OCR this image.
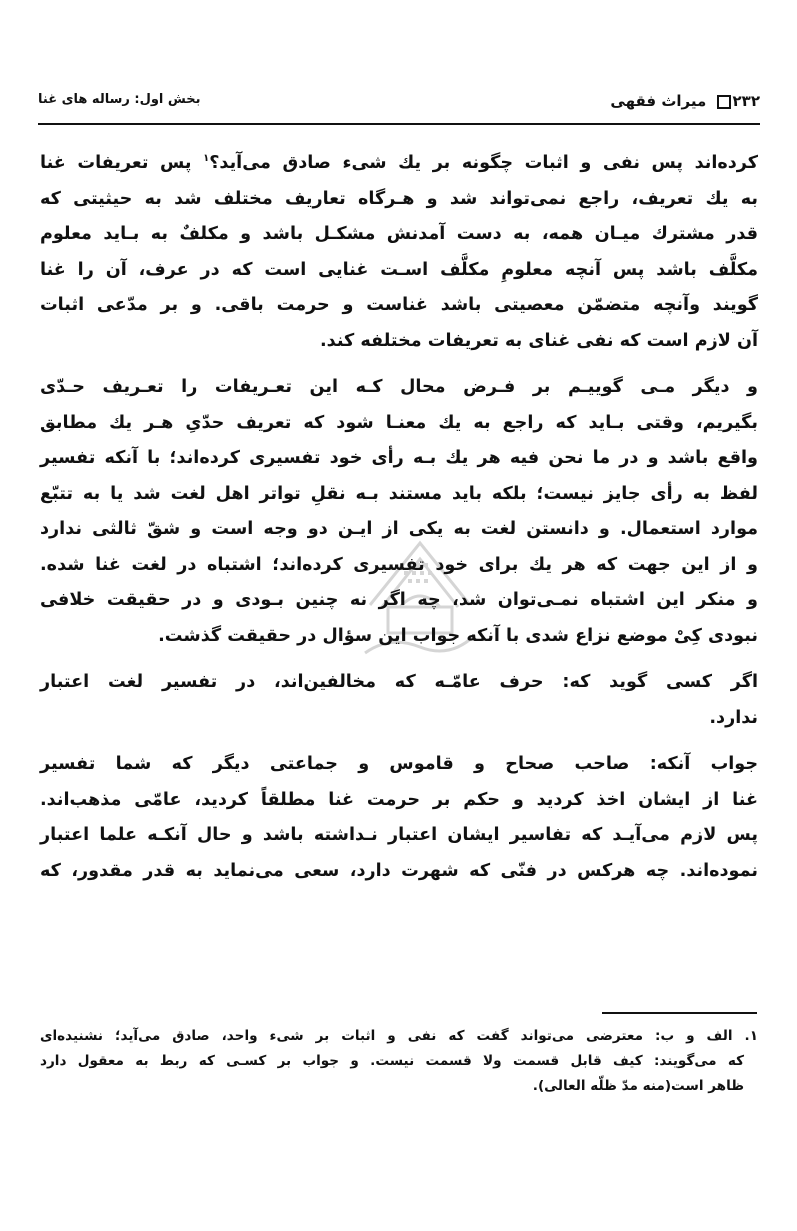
۲۳۲ میراث فقهی
بخش اول: رساله های غنا
کرده‌اند پس نفی و اثبات چگونه بر یك شیء صادق می‌آید؟$^۱$ پس تعریفات غنا
به یك تعریف، راجع نمی‌تواند شد و هـرگاه تعاریف مختلف شد به حیثیتی که
قدر مشترك میـان همه، به دست آمدنش مشکـل باشد و مکلفٌ به بـاید معلوم
مکلَّف باشد پس آنچه معلومِ مکلَّف اسـت غنایی است که در عرف، آن را غنا
گویند وآنچه متضمّن معصیتی باشد غناست و حرمت باقی. و بر مدّعی اثبات
آن لازم است که نفی غنای به تعریفات مختلفه کند.
و دیگر مـی گوییـم بر فـرض محال کـه این تعـریفات را تعـریف حـدّی
بگیریم، وقتی بـاید که راجع به یك معنـا شود که تعریف حدّیِ هـر یك مطابق
واقع باشد و در ما نحن فیه هر یك بـه رأی خود تفسیری کرده‌اند؛ با آنکه تفسیر
لفظ به رأی جایز نیست؛ بلکه باید مستند بـه نقلِ تواتر اهل لغت شد یا به تتبّع
موارد استعمال. و دانستن لغت به یکی از ایـن دو وجه است و شقّ ثالثی ندارد
و از این جهت که هر یك برای خود تفسیری کرده‌اند؛ اشتباه در لغت غنا شده.
و منکر این اشتباه نمـی‌توان شد، چه اگر نه چنین بـودی و در حقیقت خلافی
نبودی کِیْ موضع نزاع شدی با آنکه جواب این سؤال در حقیقت گذشت.
اگر کسی گوید که: حرف عامّـه که مخالفین‌اند، در تفسیر لغت اعتبار
ندارد.
جواب آنکه: صاحب صحاح و قاموس و جماعتی دیگر که شما تفسیر
غنا از ایشان اخذ کردید و حکم بر حرمت غنا مطلقاً کردید، عامّی مذهب‌اند.
پس لازم می‌آیـد که تفاسیر ایشان اعتبار نـداشته باشد و حال آنکـه علما اعتبار
نموده‌اند. چه هرکس در فنّی که شهرت دارد، سعی می‌نماید به قدر مقدور، که
۱. الف و ب: معترضی می‌تواند گفت که نفی و اثبات بر شیء واحد، صادق می‌آید؛ نشنیده‌ای
که می‌گویند: کیف قابل قسمت ولا قسمت نیست. و جواب بر کسـی که ربط به معقول دارد
ظاهر است(منه مدّ ظلّه العالی).
